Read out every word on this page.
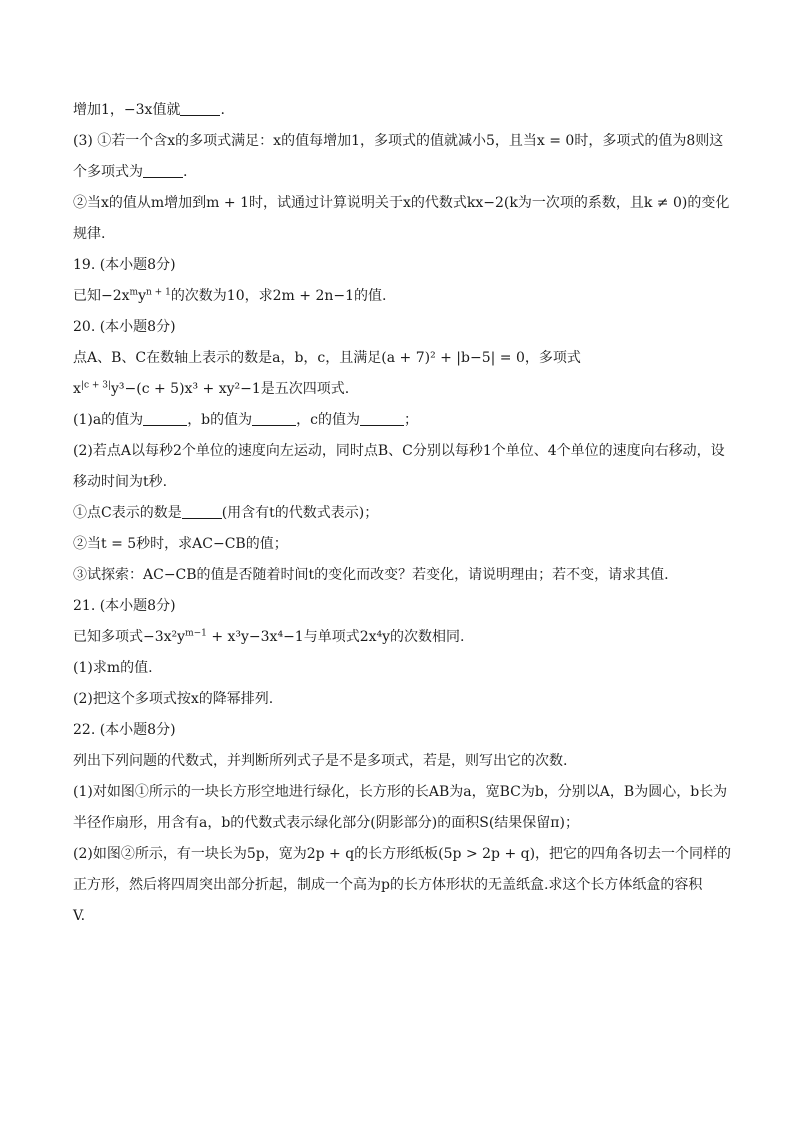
增加1，−3x值就	.
(3) ①若一个含x的多项式满足：x的值每增加1，多项式的值就减小5，且当x = 0时，多项式的值为8则这
个多项式为	.
②当x的值从m增加到m + 1时，试通过计算说明关于x的代数式kx−2(k为一次项的系数，且k ≠ 0)的变化
规律.
19. (本小题8分)
已知$-2x^my^{n + 1}$的次数为10，求2m + 2n−1的值.
20. (本小题8分)
点A、B、C在数轴上表示的数是a，b，c，且满足(a + 7)² + |b−5| = 0，多项式
$x^{|c + 3|}y^3-(c + 5)x^3 + xy^2-1$是五次四项式.
(1)a的值为	，b的值为	，c的值为	；
(2)若点A以每秒2个单位的速度向左运动，同时点B、C分别以每秒1个单位、4个单位的速度向右移动，设
移动时间为t秒.
①点C表示的数是	(用含有t的代数式表示)；
②当t = 5秒时，求AC−CB的值；
③试探索：AC−CB的值是否随着时间t的变化而改变？若变化，请说明理由；若不变，请求其值.
21. (本小题8分)
已知多项式$-3x^2y^{m-1} + x^3y-3x^4-1$与单项式2x⁴y的次数相同.
(1)求m的值.
(2)把这个多项式按x的降幂排列.
22. (本小题8分)
列出下列问题的代数式，并判断所列式子是不是多项式，若是，则写出它的次数.
(1)对如图①所示的一块长方形空地进行绿化，长方形的长AB为a，宽BC为b，分别以A，B为圆心，b长为
半径作扇形，用含有a，b的代数式表示绿化部分(阴影部分)的面积S(结果保留π)；
(2)如图②所示，有一块长为5p，宽为2p + q的长方形纸板(5p > 2p + q)，把它的四角各切去一个同样的
正方形，然后将四周突出部分折起，制成一个高为p的长方体形状的无盖纸盒.求这个长方体纸盒的容积
V.
